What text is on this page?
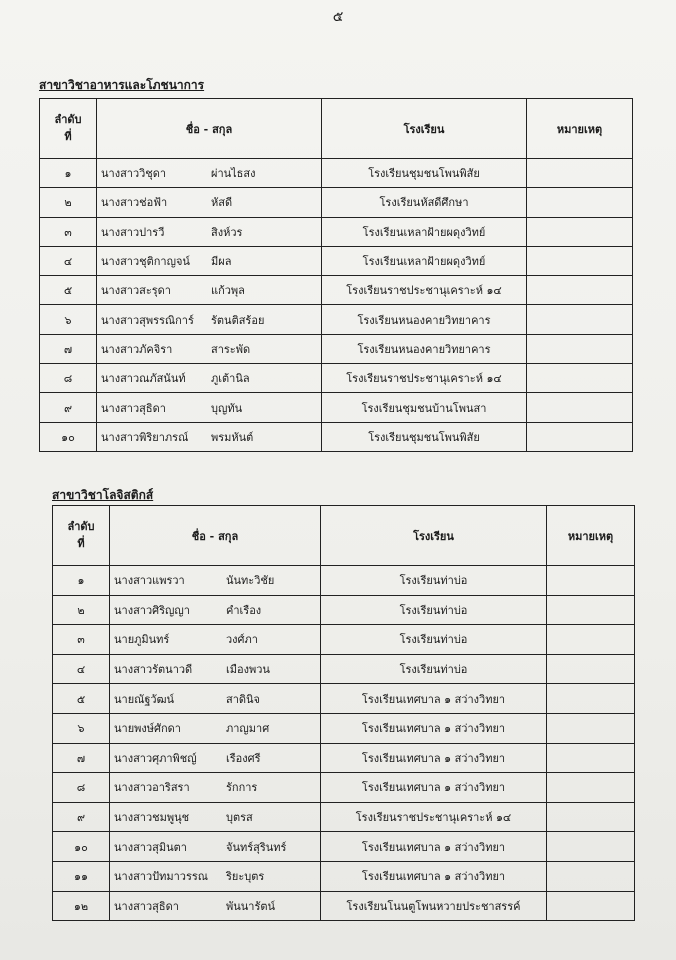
๕
สาขาวิชาอาหารและโภชนาการ
ลำดับ
ที่	ชื่อ - สกุล	โรงเรียน	หมายเหตุ
๑	นางสาววิชุดา ผ่านไธสง	โรงเรียนชุมชนโพนพิสัย	
๒	นางสาวช่อฟ้า หัสดี	โรงเรียนหัสดีศึกษา	
๓	นางสาวปารวี สิงห์วร	โรงเรียนเหลาฝ้ายผดุงวิทย์	
๔	นางสาวชุติกาญจน์ มีผล	โรงเรียนเหลาฝ้ายผดุงวิทย์	
๕	นางสาวสะรุดา แก้วพุล	โรงเรียนราชประชานุเคราะห์ ๑๔	
๖	นางสาวสุพรรณิการ์ รัตนติสร้อย	โรงเรียนหนองคายวิทยาคาร	
๗	นางสาวภัคจิรา สาระพัด	โรงเรียนหนองคายวิทยาคาร	
๘	นางสาวณภัสนันท์ ภูเต้านิล	โรงเรียนราชประชานุเคราะห์ ๑๔	
๙	นางสาวสุธิดา บุญทัน	โรงเรียนชุมชนบ้านโพนสา	
๑๐	นางสาวพิริยาภรณ์ พรมหันต์	โรงเรียนชุมชนโพนพิสัย	
สาขาวิชาโลจิสติกส์
ลำดับ
ที่	ชื่อ - สกุล	โรงเรียน	หมายเหตุ
๑	นางสาวแพรวา นันทะวิชัย	โรงเรียนท่าบ่อ	
๒	นางสาวศิริญญา คำเรือง	โรงเรียนท่าบ่อ	
๓	นายภูมินทร์ วงศ์ภา	โรงเรียนท่าบ่อ	
๔	นางสาวรัตนาวดี เมืองพวน	โรงเรียนท่าบ่อ	
๕	นายณัฐวัฒน์ สาดินิจ	โรงเรียนเทศบาล ๑ สว่างวิทยา	
๖	นายพงษ์ศักดา ภาญมาศ	โรงเรียนเทศบาล ๑ สว่างวิทยา	
๗	นางสาวศุภาพิชญ์ เรืองศรี	โรงเรียนเทศบาล ๑ สว่างวิทยา	
๘	นางสาวอาริสรา รักการ	โรงเรียนเทศบาล ๑ สว่างวิทยา	
๙	นางสาวชมพูนุช บุตรส	โรงเรียนราชประชานุเคราะห์ ๑๔	
๑๐	นางสาวสุมินตา จันทร์สุรินทร์	โรงเรียนเทศบาล ๑ สว่างวิทยา	
๑๑	นางสาวปัทมาวรรณ ริยะบุตร	โรงเรียนเทศบาล ๑ สว่างวิทยา	
๑๒	นางสาวสุธิดา พันนารัตน์	โรงเรียนโนนตูโพนหวายประชาสรรค์	
